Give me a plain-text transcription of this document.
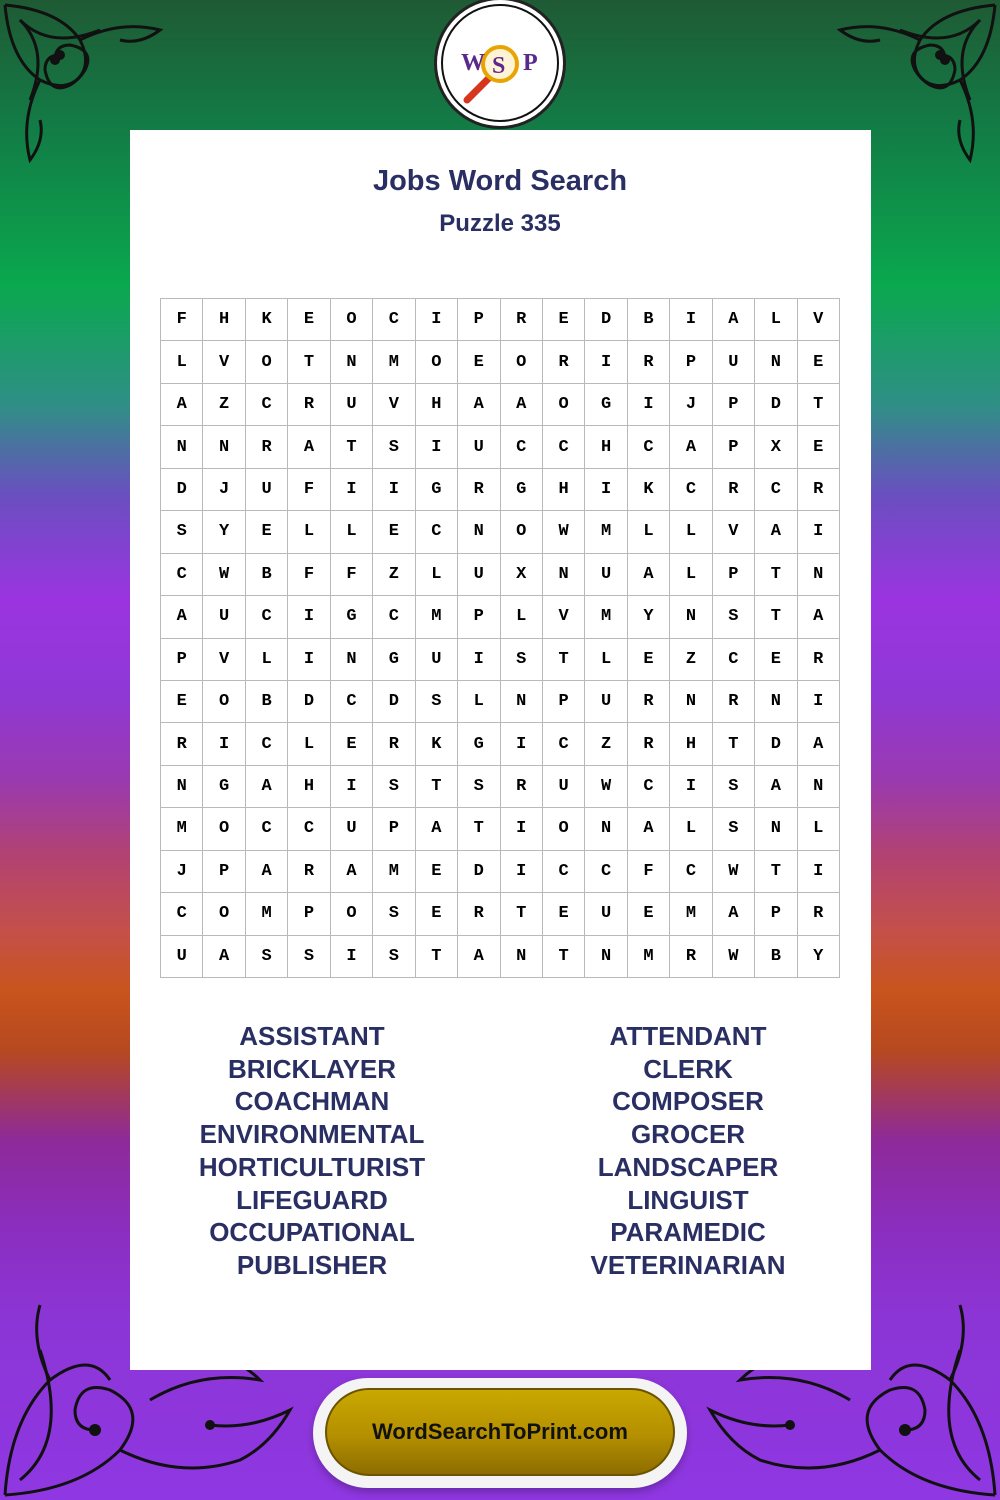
W S P
Jobs Word Search
Puzzle 335
F	H	K	E	O	C	I	P	R	E	D	B	I	A	L	V
L	V	O	T	N	M	O	E	O	R	I	R	P	U	N	E
A	Z	C	R	U	V	H	A	A	O	G	I	J	P	D	T
N	N	R	A	T	S	I	U	C	C	H	C	A	P	X	E
D	J	U	F	I	I	G	R	G	H	I	K	C	R	C	R
S	Y	E	L	L	E	C	N	O	W	M	L	L	V	A	I
C	W	B	F	F	Z	L	U	X	N	U	A	L	P	T	N
A	U	C	I	G	C	M	P	L	V	M	Y	N	S	T	A
P	V	L	I	N	G	U	I	S	T	L	E	Z	C	E	R
E	O	B	D	C	D	S	L	N	P	U	R	N	R	N	I
R	I	C	L	E	R	K	G	I	C	Z	R	H	T	D	A
N	G	A	H	I	S	T	S	R	U	W	C	I	S	A	N
M	O	C	C	U	P	A	T	I	O	N	A	L	S	N	L
J	P	A	R	A	M	E	D	I	C	C	F	C	W	T	I
C	O	M	P	O	S	E	R	T	E	U	E	M	A	P	R
U	A	S	S	I	S	T	A	N	T	N	M	R	W	B	Y
ASSISTANT
BRICKLAYER
COACHMAN
ENVIRONMENTAL
HORTICULTURIST
LIFEGUARD
OCCUPATIONAL
PUBLISHER
ATTENDANT
CLERK
COMPOSER
GROCER
LANDSCAPER
LINGUIST
PARAMEDIC
VETERINARIAN
WordSearchToPrint.com
